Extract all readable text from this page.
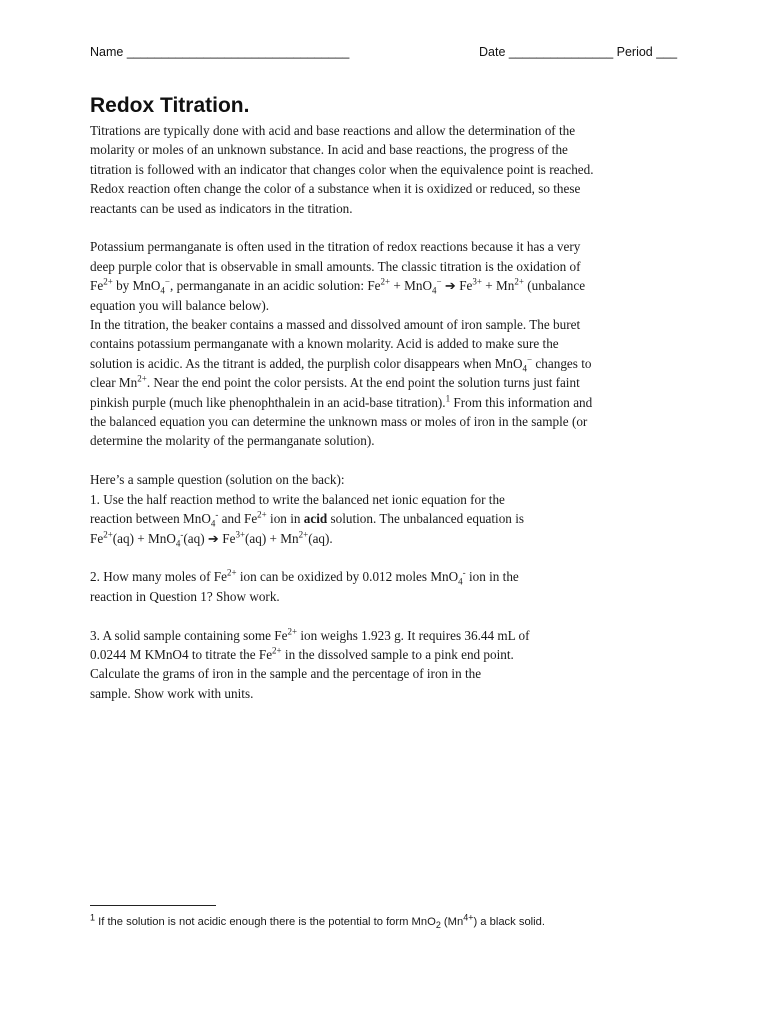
Name ________________________________	Date _______________ Period ___
Redox Titration.

Titrations are typically done with acid and base reactions and allow the determination of the
molarity or moles of an unknown substance. In acid and base reactions, the progress of the
titration is followed with an indicator that changes color when the equivalence point is reached.
Redox reaction often change the color of a substance when it is oxidized or reduced, so these
reactants can be used as indicators in the titration.

Potassium permanganate is often used in the titration of redox reactions because it has a very
deep purple color that is observable in small amounts. The classic titration is the oxidation of
$Fe^{2+}$ by MnO$_4$−, permanganate in an acidic solution: $Fe^{2+} + MnO_4^-$ ➔ $Fe^{3+} + Mn^{2+}$ (unbalance
equation you will balance below).

In the titration, the beaker contains a massed and dissolved amount of iron sample. The buret
contains potassium permanganate with a known molarity. Acid is added to make sure the
solution is acidic. As the titrant is added, the purplish color disappears when MnO$_4$− changes to
clear $Mn^{2+}$. Near the end point the color persists. At the end point the solution turns just faint
pinkish purple (much like phenophthalein in an acid-base titration).$^1$ From this information and
the balanced equation you can determine the unknown mass or moles of iron in the sample (or
determine the molarity of the permanganate solution).

Here’s a sample question (solution on the back):
1. Use the half reaction method to write the balanced net ionic equation for the
reaction between MnO$_4$- and $Fe^{2+}$ ion in acid solution. The unbalanced equation is
$Fe^{2+}(aq) + MnO_4^-(aq)$ ➔ $Fe^{3+}(aq) + Mn^{2+}(aq)$.

2. How many moles of $Fe^{2+}$ ion can be oxidized by 0.012 moles MnO$_4$- ion in the
reaction in Question 1? Show work.

3. A solid sample containing some $Fe^{2+}$ ion weighs 1.923 g. It requires 36.44 mL of
0.0244 M KMnO4 to titrate the $Fe^{2+}$ in the dissolved sample to a pink end point.
Calculate the grams of iron in the sample and the percentage of iron in the
sample. Show work with units.

$^1$ If the solution is not acidic enough there is the potential to form MnO$_2$ $(Mn^{4+})$ a black solid.
